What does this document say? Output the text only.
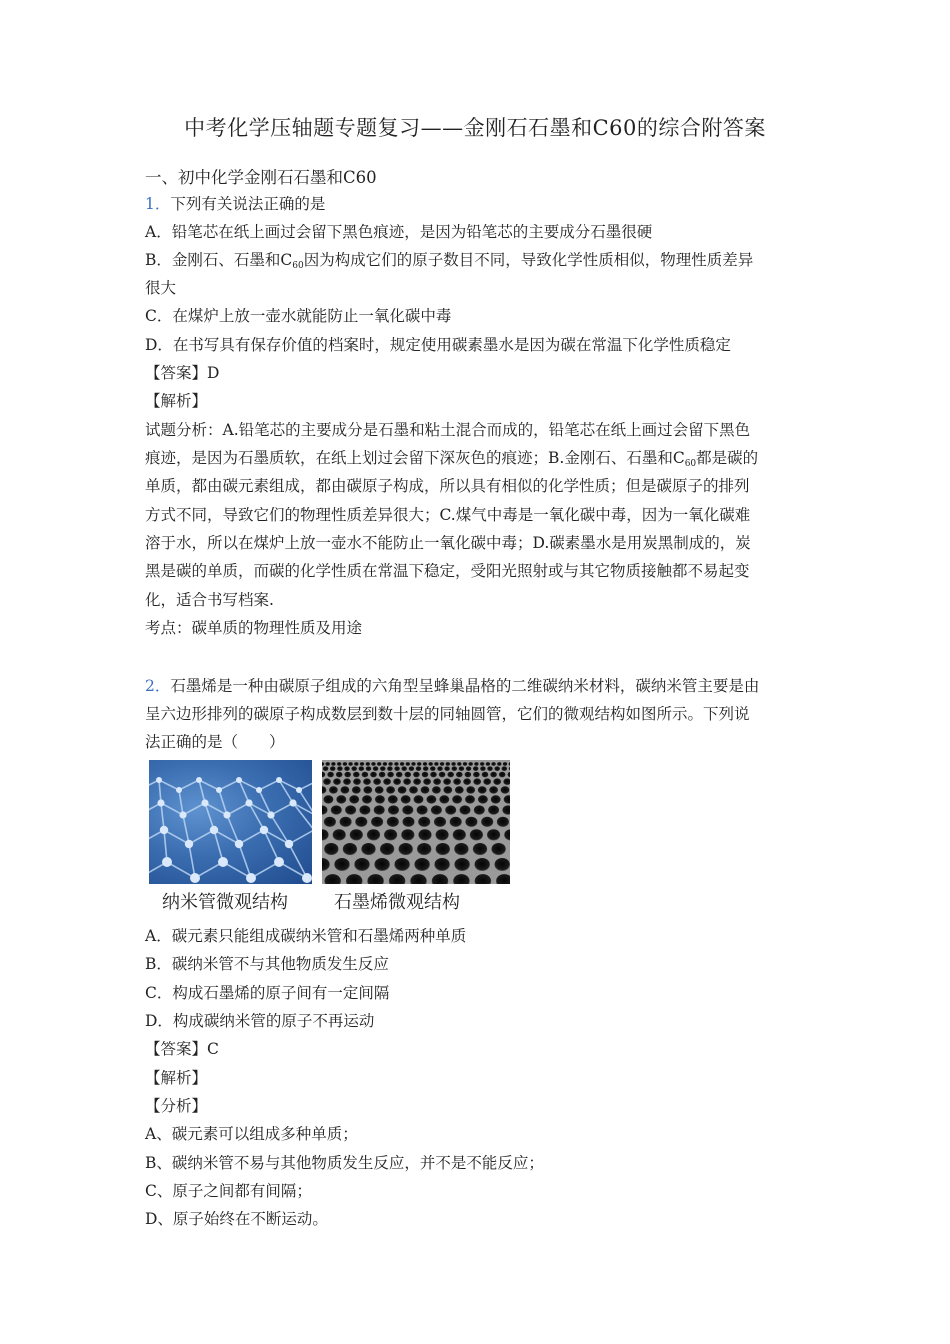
中考化学压轴题专题复习——金刚石石墨和C60的综合附答案
一、初中化学金刚石石墨和C60
1．下列有关说法正确的是
A．铅笔芯在纸上画过会留下黑色痕迹，是因为铅笔芯的主要成分石墨很硬
B．金刚石、石墨和$C_{60}$因为构成它们的原子数目不同，导致化学性质相似，物理性质差异
很大
C．在煤炉上放一壶水就能防止一氧化碳中毒
D．在书写具有保存价值的档案时，规定使用碳素墨水是因为碳在常温下化学性质稳定
【答案】D
【解析】
试题分析：A.铅笔芯的主要成分是石墨和粘土混合而成的，铅笔芯在纸上画过会留下黑色
痕迹，是因为石墨质软，在纸上划过会留下深灰色的痕迹；B.金刚石、石墨和$C_{60}$都是碳的
单质，都由碳元素组成，都由碳原子构成，所以具有相似的化学性质；但是碳原子的排列
方式不同，导致它们的物理性质差异很大；C.煤气中毒是一氧化碳中毒，因为一氧化碳难
溶于水，所以在煤炉上放一壶水不能防止一氧化碳中毒；D.碳素墨水是用炭黑制成的，炭
黑是碳的单质，而碳的化学性质在常温下稳定，受阳光照射或与其它物质接触都不易起变
化，适合书写档案.
考点：碳单质的物理性质及用途
2．石墨烯是一种由碳原子组成的六角型呈蜂巢晶格的二维碳纳米材料，碳纳米管主要是由
呈六边形排列的碳原子构成数层到数十层的同轴圆管，它们的微观结构如图所示。下列说
法正确的是（　　）
纳米管微观结构	石墨烯微观结构
A．碳元素只能组成碳纳米管和石墨烯两种单质
B．碳纳米管不与其他物质发生反应
C．构成石墨烯的原子间有一定间隔
D．构成碳纳米管的原子不再运动
【答案】C
【解析】
【分析】
A、碳元素可以组成多种单质；
B、碳纳米管不易与其他物质发生反应，并不是不能反应；
C、原子之间都有间隔；
D、原子始终在不断运动。
